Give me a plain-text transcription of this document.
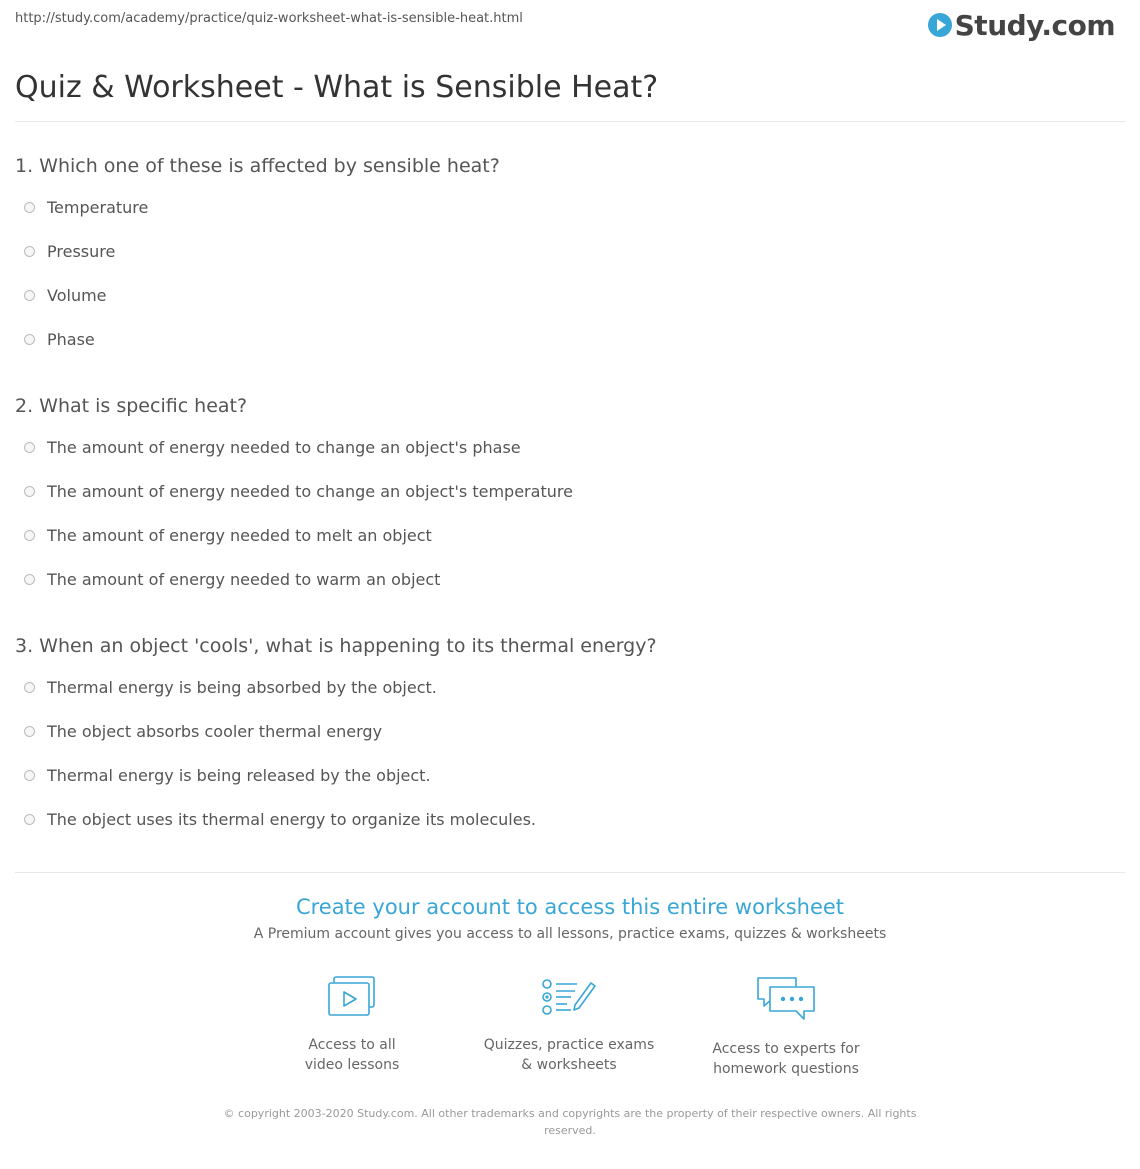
http://study.com/academy/practice/quiz-worksheet-what-is-sensible-heat.html	Study.com
Quiz & Worksheet - What is Sensible Heat?
1. Which one of these is affected by sensible heat?
Temperature
Pressure
Volume
Phase
2. What is specific heat?
The amount of energy needed to change an object's phase
The amount of energy needed to change an object's temperature
The amount of energy needed to melt an object
The amount of energy needed to warm an object
3. When an object 'cools', what is happening to its thermal energy?
Thermal energy is being absorbed by the object.
The object absorbs cooler thermal energy
Thermal energy is being released by the object.
The object uses its thermal energy to organize its molecules.
Create your account to access this entire worksheet
A Premium account gives you access to all lessons, practice exams, quizzes & worksheets
Access to all
video lessons
Quizzes, practice exams
& worksheets
Access to experts for
homework questions
© copyright 2003-2020 Study.com. All other trademarks and copyrights are the property of their respective owners. All rights reserved.
